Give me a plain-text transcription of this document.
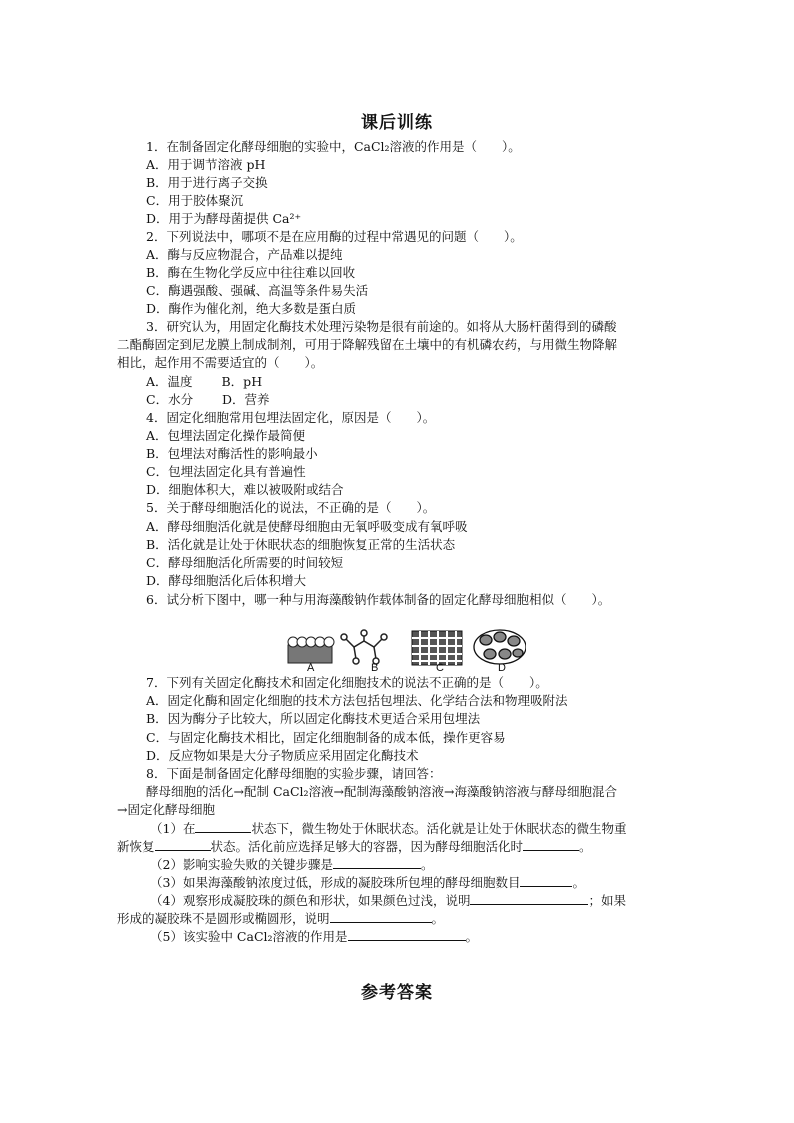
课后训练
1．在制备固定化酵母细胞的实验中，CaCl₂溶液的作用是（　　）。
A．用于调节溶液 pH
B．用于进行离子交换
C．用于胶体聚沉
D．用于为酵母菌提供 Ca²⁺
2．下列说法中，哪项不是在应用酶的过程中常遇见的问题（　　）。
A．酶与反应物混合，产品难以提纯
B．酶在生物化学反应中往往难以回收
C．酶遇强酸、强碱、高温等条件易失活
D．酶作为催化剂，绝大多数是蛋白质
3．研究认为，用固定化酶技术处理污染物是很有前途的。如将从大肠杆菌得到的磷酸
二酯酶固定到尼龙膜上制成制剂，可用于降解残留在土壤中的有机磷农药，与用微生物降解
相比，起作用不需要适宜的（　　）。
A．温度　　 B．pH
C．水分　　 D．营养
4．固定化细胞常用包埋法固定化，原因是（　　）。
A．包埋法固定化操作最简便
B．包埋法对酶活性的影响最小
C．包埋法固定化具有普遍性
D．细胞体积大，难以被吸附或结合
5．关于酵母细胞活化的说法，不正确的是（　　）。
A．酵母细胞活化就是使酵母细胞由无氧呼吸变成有氧呼吸
B．活化就是让处于休眠状态的细胞恢复正常的生活状态
C．酵母细胞活化所需要的时间较短
D．酵母细胞活化后体积增大
6．试分析下图中，哪一种与用海藻酸钠作载体制备的固定化酵母细胞相似（　　）。
A	B	C	D
7．下列有关固定化酶技术和固定化细胞技术的说法不正确的是（　　）。
A．固定化酶和固定化细胞的技术方法包括包埋法、化学结合法和物理吸附法
B．因为酶分子比较大，所以固定化酶技术更适合采用包埋法
C．与固定化酶技术相比，固定化细胞制备的成本低，操作更容易
D．反应物如果是大分子物质应采用固定化酶技术
8．下面是制备固定化酵母细胞的实验步骤，请回答：
酵母细胞的活化→配制 CaCl₂溶液→配制海藻酸钠溶液→海藻酸钠溶液与酵母细胞混合
→固定化酵母细胞
（1）在	状态下，微生物处于休眠状态。活化就是让处于休眠状态的微生物重
新恢复	状态。活化前应选择足够大的容器，因为酵母细胞活化时	。
（2）影响实验失败的关键步骤是	。
（3）如果海藻酸钠浓度过低，形成的凝胶珠所包埋的酵母细胞数目	。
（4）观察形成凝胶珠的颜色和形状，如果颜色过浅，说明	；如果
形成的凝胶珠不是圆形或椭圆形，说明	。
（5）该实验中 CaCl₂溶液的作用是	。
参考答案
